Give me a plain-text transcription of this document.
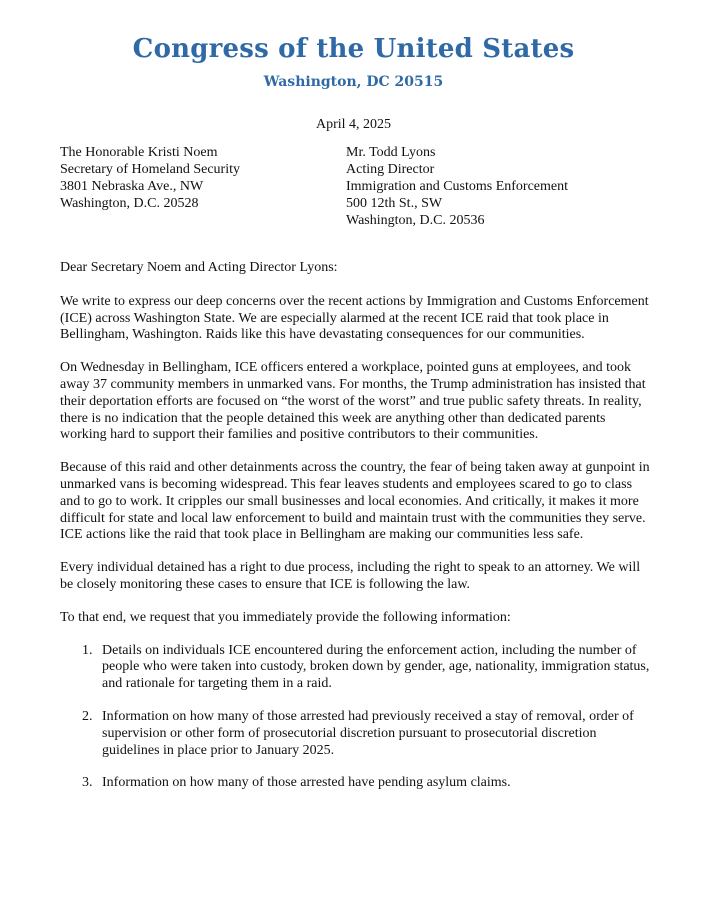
Congress of the United States
Washington, DC 20515
April 4, 2025
The Honorable Kristi Noem
Secretary of Homeland Security
3801 Nebraska Ave., NW
Washington, D.C. 20528
Mr. Todd Lyons
Acting Director
Immigration and Customs Enforcement
500 12th St., SW
Washington, D.C. 20536

Dear Secretary Noem and Acting Director Lyons:

We write to express our deep concerns over the recent actions by Immigration and Customs Enforcement (ICE) across Washington State. We are especially alarmed at the recent ICE raid that took place in Bellingham, Washington. Raids like this have devastating consequences for our communities.

On Wednesday in Bellingham, ICE officers entered a workplace, pointed guns at employees, and took away 37 community members in unmarked vans. For months, the Trump administration has insisted that their deportation efforts are focused on “the worst of the worst” and true public safety threats. In reality, there is no indication that the people detained this week are anything other than dedicated parents working hard to support their families and positive contributors to their communities.

Because of this raid and other detainments across the country, the fear of being taken away at gunpoint in unmarked vans is becoming widespread. This fear leaves students and employees scared to go to class and to go to work. It cripples our small businesses and local economies. And critically, it makes it more difficult for state and local law enforcement to build and maintain trust with the communities they serve. ICE actions like the raid that took place in Bellingham are making our communities less safe.

Every individual detained has a right to due process, including the right to speak to an attorney. We will be closely monitoring these cases to ensure that ICE is following the law.

To that end, we request that you immediately provide the following information:

1. Details on individuals ICE encountered during the enforcement action, including the number of people who were taken into custody, broken down by gender, age, nationality, immigration status, and rationale for targeting them in a raid.
2. Information on how many of those arrested had previously received a stay of removal, order of supervision or other form of prosecutorial discretion pursuant to prosecutorial discretion guidelines in place prior to January 2025.
3. Information on how many of those arrested have pending asylum claims.
